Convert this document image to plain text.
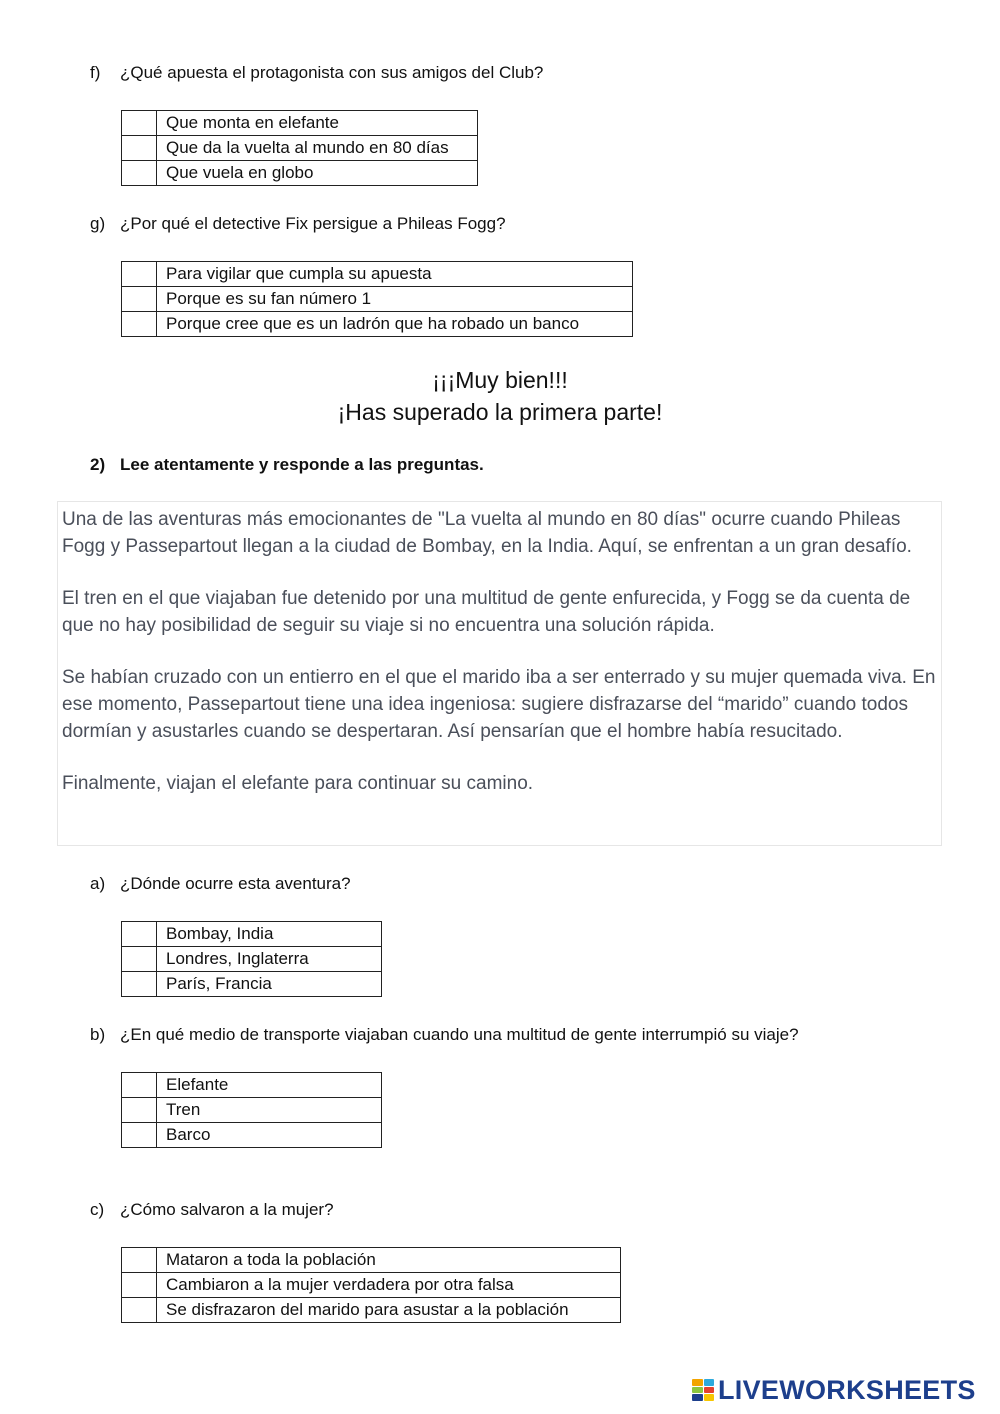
f) ¿Qué apuesta el protagonista con sus amigos del Club?
	Que monta en elefante
	Que da la vuelta al mundo en 80 días
	Que vuela en globo
g) ¿Por qué el detective Fix persigue a Phileas Fogg?
	Para vigilar que cumpla su apuesta
	Porque es su fan número 1
	Porque cree que es un ladrón que ha robado un banco
¡¡¡Muy bien!!!
¡Has superado la primera parte!
2) Lee atentamente y responde a las preguntas.

Una de las aventuras más emocionantes de "La vuelta al mundo en 80 días" ocurre cuando Phileas Fogg y Passepartout llegan a la ciudad de Bombay, en la India. Aquí, se enfrentan a un gran desafío.

El tren en el que viajaban fue detenido por una multitud de gente enfurecida, y Fogg se da cuenta de que no hay posibilidad de seguir su viaje si no encuentra una solución rápida.

Se habían cruzado con un entierro en el que el marido iba a ser enterrado y su mujer quemada viva. En ese momento, Passepartout tiene una idea ingeniosa: sugiere disfrazarse del “marido” cuando todos dormían y asustarles cuando se despertaran. Así pensarían que el hombre había resucitado.

Finalmente, viajan el elefante para continuar su camino.

a) ¿Dónde ocurre esta aventura?
	Bombay, India
	Londres, Inglaterra
	París, Francia
b) ¿En qué medio de transporte viajaban cuando una multitud de gente interrumpió su viaje?
	Elefante
	Tren
	Barco
c) ¿Cómo salvaron a la mujer?
	Mataron a toda la población
	Cambiaron a la mujer verdadera por otra falsa
	Se disfrazaron del marido para asustar a la población
LIVEWORKSHEETS
